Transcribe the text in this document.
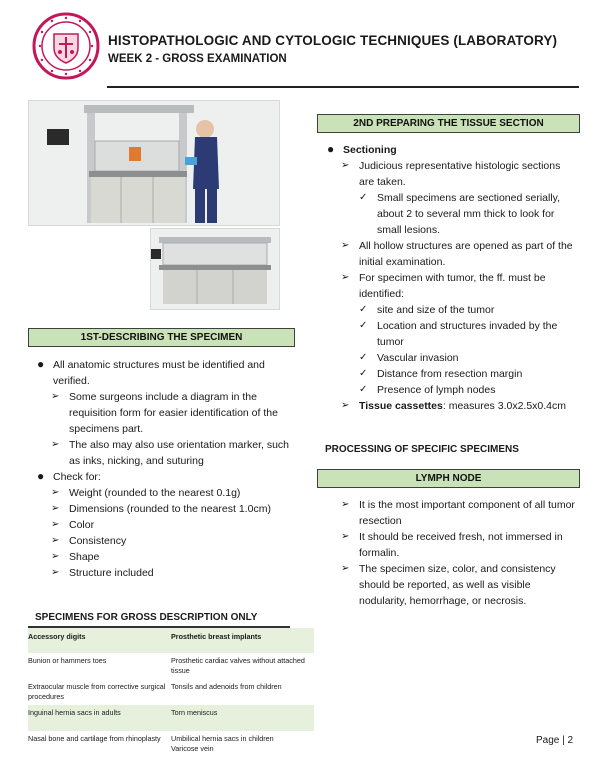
HISTOPATHOLOGIC AND CYTOLOGIC TECHNIQUES (LABORATORY)
WEEK 2 - GROSS EXAMINATION
1ST-DESCRIBING THE SPECIMEN
● All anatomic structures must be identified and verified.
➢ Some surgeons include a diagram in the requisition form for easier identification of the specimens part.
➢ The also may also use orientation marker, such as inks, nicking, and suturing
● Check for:
➢ Weight (rounded to the nearest 0.1g)
➢ Dimensions (rounded to the nearest 1.0cm)
➢ Color
➢ Consistency
➢ Shape
➢ Structure included
2ND PREPARING THE TISSUE SECTION
● Sectioning
➢ Judicious representative histologic sections are taken.
✓ Small specimens are sectioned serially, about 2 to several mm thick to look for small lesions.
➢ All hollow structures are opened as part of the initial examination.
➢ For specimen with tumor, the ff. must be identified:
✓ site and size of the tumor
✓ Location and structures invaded by the tumor
✓ Vascular invasion
✓ Distance from resection margin
✓ Presence of lymph nodes
➢ Tissue cassettes: measures 3.0x2.5x0.4cm
PROCESSING OF SPECIFIC SPECIMENS
LYMPH NODE
➢ It is the most important component of all tumor resection
➢ It should be received fresh, not immersed in formalin.
➢ The specimen size, color, and consistency should be reported, as well as visible nodularity, hemorrhage, or necrosis.
SPECIMENS FOR GROSS DESCRIPTION ONLY
Accessory digits	Prosthetic breast implants
Bunion or hammers toes	Prosthetic cardiac valves without attached tissue
Extraocular muscle from corrective surgical procedures	Tonsils and adenoids from children
Inguinal hernia sacs in adults	Torn meniscus
Nasal bone and cartilage from rhinoplasty	Umbilical hernia sacs in children
Varicose vein
Page | 2
